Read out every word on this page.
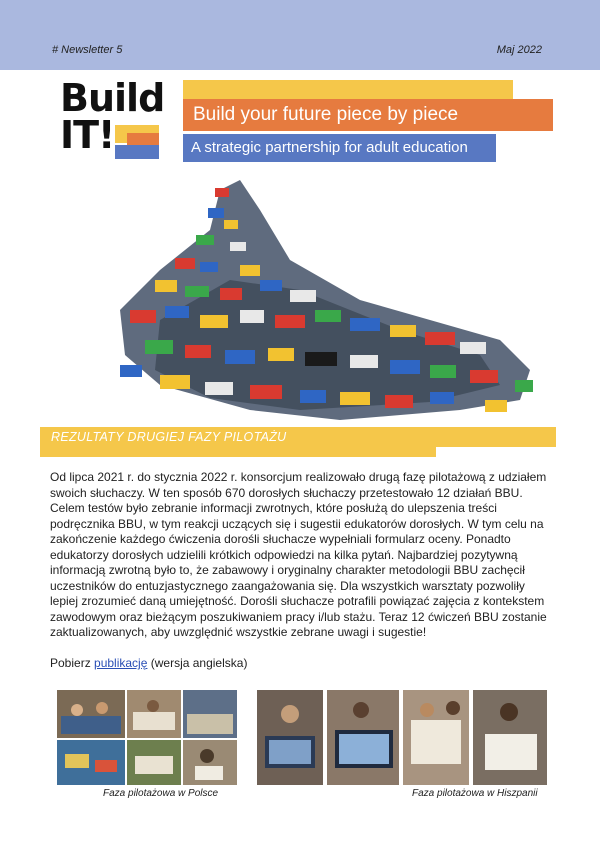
# Newsletter 5	Maj 2022
Build
IT!	Build your future piece by piece
A strategic partnership for adult education
REZULTATY DRUGIEJ FAZY PILOTAŻU
Od lipca 2021 r. do stycznia 2022 r. konsorcjum realizowało drugą fazę pilotażową z udziałem swoich słuchaczy. W ten sposób 670 dorosłych słuchaczy przetestowało 12 działań BBU. Celem testów było zebranie informacji zwrotnych, które posłużą do ulepszenia treści podręcznika BBU, w tym reakcji uczących się i sugestii edukatorów dorosłych. W tym celu na zakończenie każdego ćwiczenia dorośli słuchacze wypełniali formularz oceny. Ponadto edukatorzy dorosłych udzielili krótkich odpowiedzi na kilka pytań. Najbardziej pozytywną informacją zwrotną było to, że zabawowy i oryginalny charakter metodologii BBU zachęcił uczestników do entuzjastycznego zaangażowania się. Dla wszystkich warsztaty pozwoliły lepiej zrozumieć daną umiejętność. Dorośli słuchacze potrafili powiązać zajęcia z kontekstem zawodowym oraz bieżącym poszukiwaniem pracy i/lub stażu. Teraz 12 ćwiczeń BBU zostanie zaktualizowanych, aby uwzględnić wszystkie zebrane uwagi i sugestie!
Pobierz publikację (wersja angielska)
Faza pilotażowa w Polsce	Faza pilotażowa w Hiszpanii
